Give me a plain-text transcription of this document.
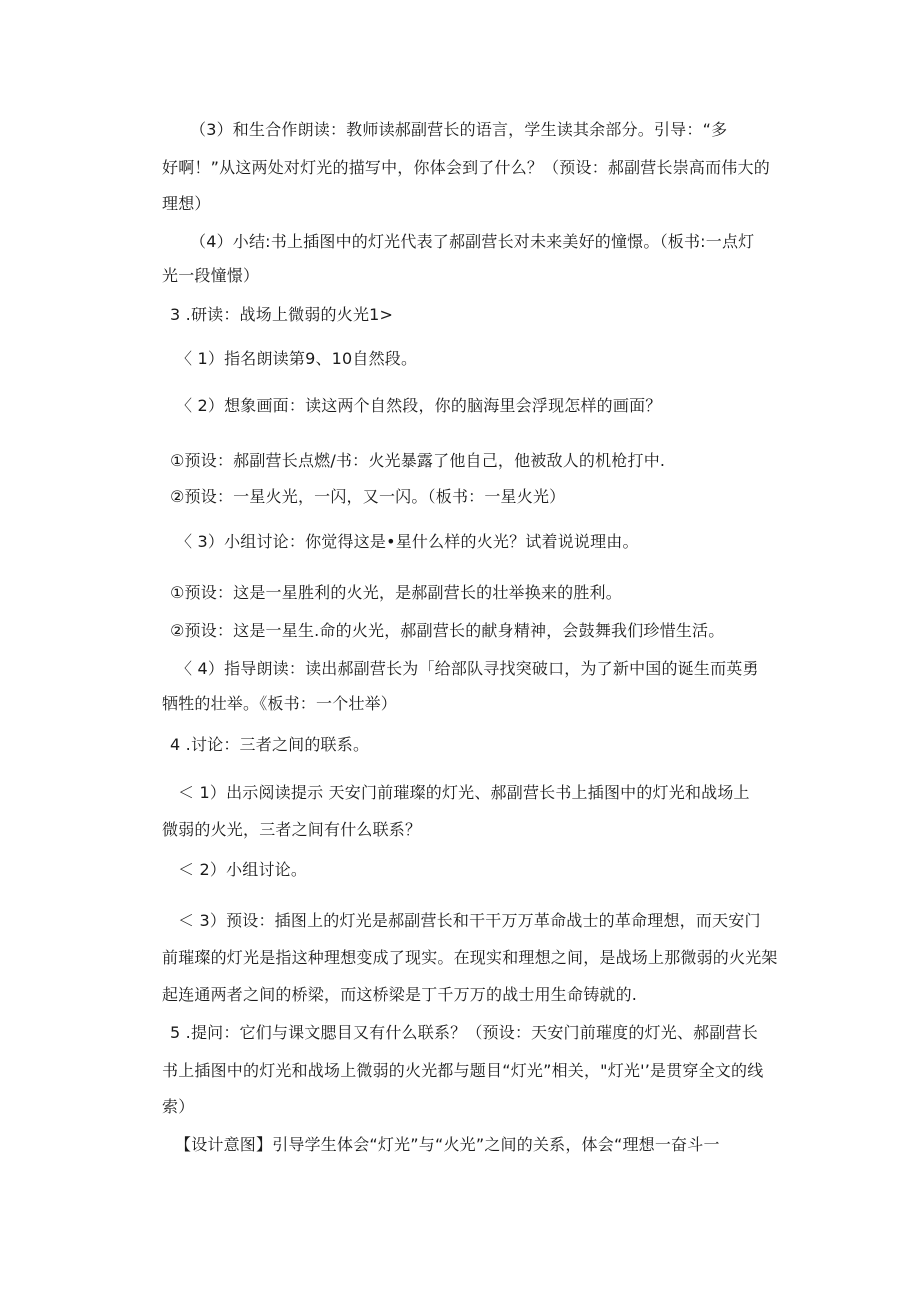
（3）和生合作朗读：教师读郝副营长的语言，学生读其余部分。引导：“多
好啊！”从这两处对灯光的描写中，你体会到了什么？（预设：郝副营长崇高而伟大的
理想）
（4）小结:书上插图中的灯光代表了郝副营长对未来美好的憧憬。（板书:一点灯
光一段憧憬）
3 .研读：战场上微弱的火光1>
〈 1）指名朗读第9、10自然段。
〈 2）想象画面：读这两个自然段，你的脑海里会浮现怎样的画面？
①预设：郝副营长点燃/书：火光暴露了他自己，他被敌人的机枪打中.
②预设：一星火光，一闪，又一闪。（板书：一星火光）
〈 3）小组讨论：你觉得这是•星什么样的火光？试着说说理由。
①预设：这是一星胜利的火光，是郝副营长的壮举换来的胜利。
②预设：这是一星生.命的火光，郝副营长的献身精神，会鼓舞我们珍惜生活。
〈 4）指导朗读：读出郝副营长为「给部队寻找突破口，为了新中国的诞生而英勇
牺牲的壮举。《板书：一个壮举）
4 .讨论：三者之间的联系。
＜ 1）出示阅读提示 天安门前璀璨的灯光、郝副营长书上插图中的灯光和战场上
微弱的火光，三者之间有什么联系？
＜ 2）小组讨论。
＜ 3）预设：插图上的灯光是郝副营长和干干万万革命战士的革命理想，而天安门
前璀璨的灯光是指这种理想变成了现实。在现实和理想之间，是战场上那微弱的火光架
起连通两者之间的桥梁，而这桥梁是丁千万万的战士用生命铸就的.
5 .提问：它们与课文腮目又有什么联系？（预设：天安门前璀度的灯光、郝副营长
书上插图中的灯光和战场上微弱的火光都与题目“灯光”相关，"灯光'’是贯穿全文的线
索）
【设计意图】引导学生体会“灯光”与“火光”之间的关系，体会“理想一奋斗一
